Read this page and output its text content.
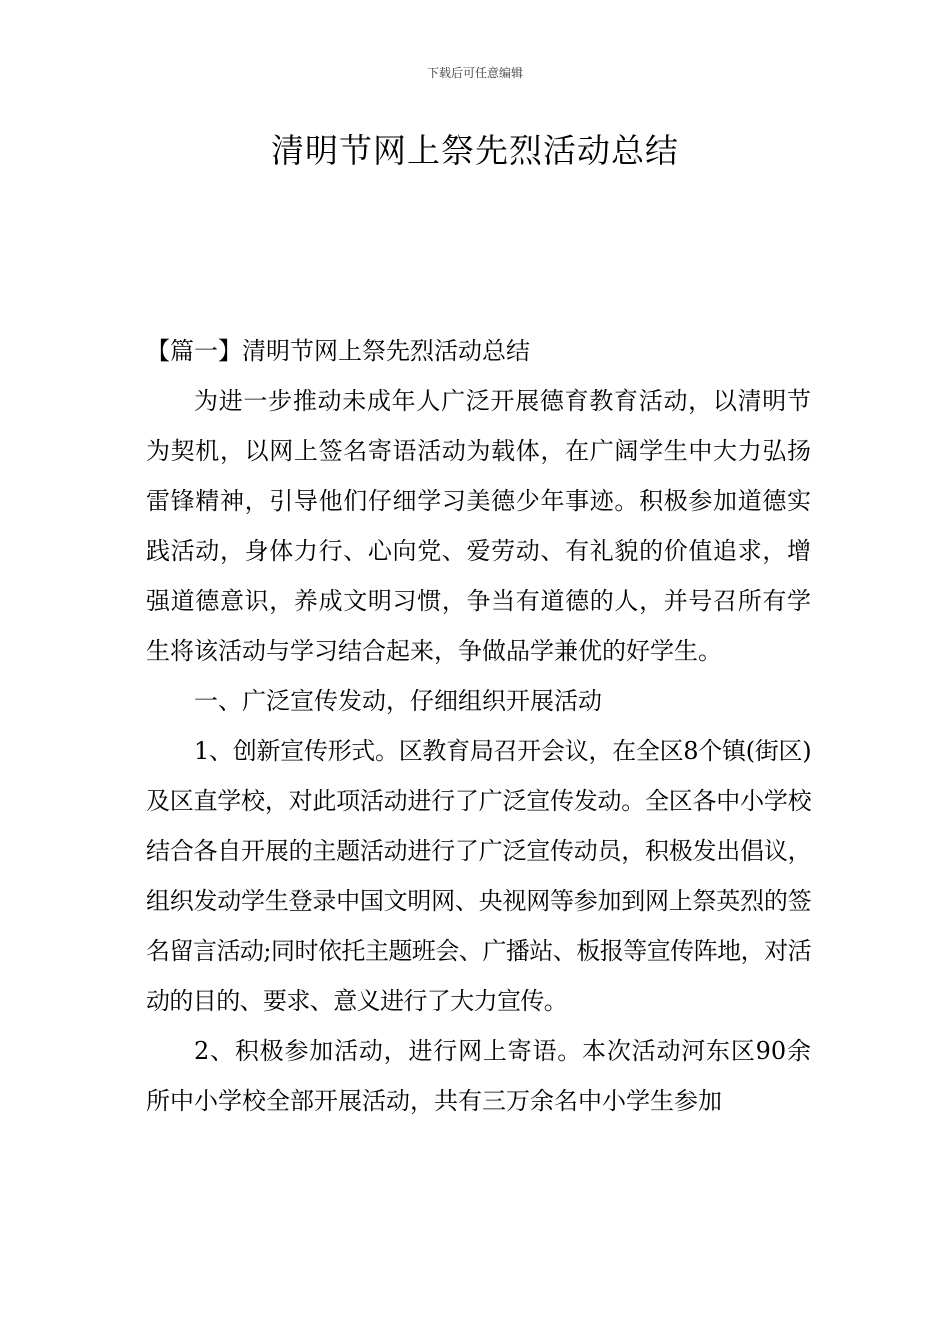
下载后可任意编辑
清明节网上祭先烈活动总结

【篇一】清明节网上祭先烈活动总结

为进一步推动未成年人广泛开展德育教育活动，以清明节为契机，以网上签名寄语活动为载体，在广阔学生中大力弘扬雷锋精神，引导他们仔细学习美德少年事迹。积极参加道德实践活动，身体力行、心向党、爱劳动、有礼貌的价值追求，增强道德意识，养成文明习惯，争当有道德的人，并号召所有学生将该活动与学习结合起来，争做品学兼优的好学生。

一、广泛宣传发动，仔细组织开展活动

1、创新宣传形式。区教育局召开会议，在全区8个镇(街区)及区直学校，对此项活动进行了广泛宣传发动。全区各中小学校结合各自开展的主题活动进行了广泛宣传动员，积极发出倡议，组织发动学生登录中国文明网、央视网等参加到网上祭英烈的签名留言活动;同时依托主题班会、广播站、板报等宣传阵地，对活动的目的、要求、意义进行了大力宣传。

2、积极参加活动，进行网上寄语。本次活动河东区90余所中小学校全部开展活动，共有三万余名中小学生参加
